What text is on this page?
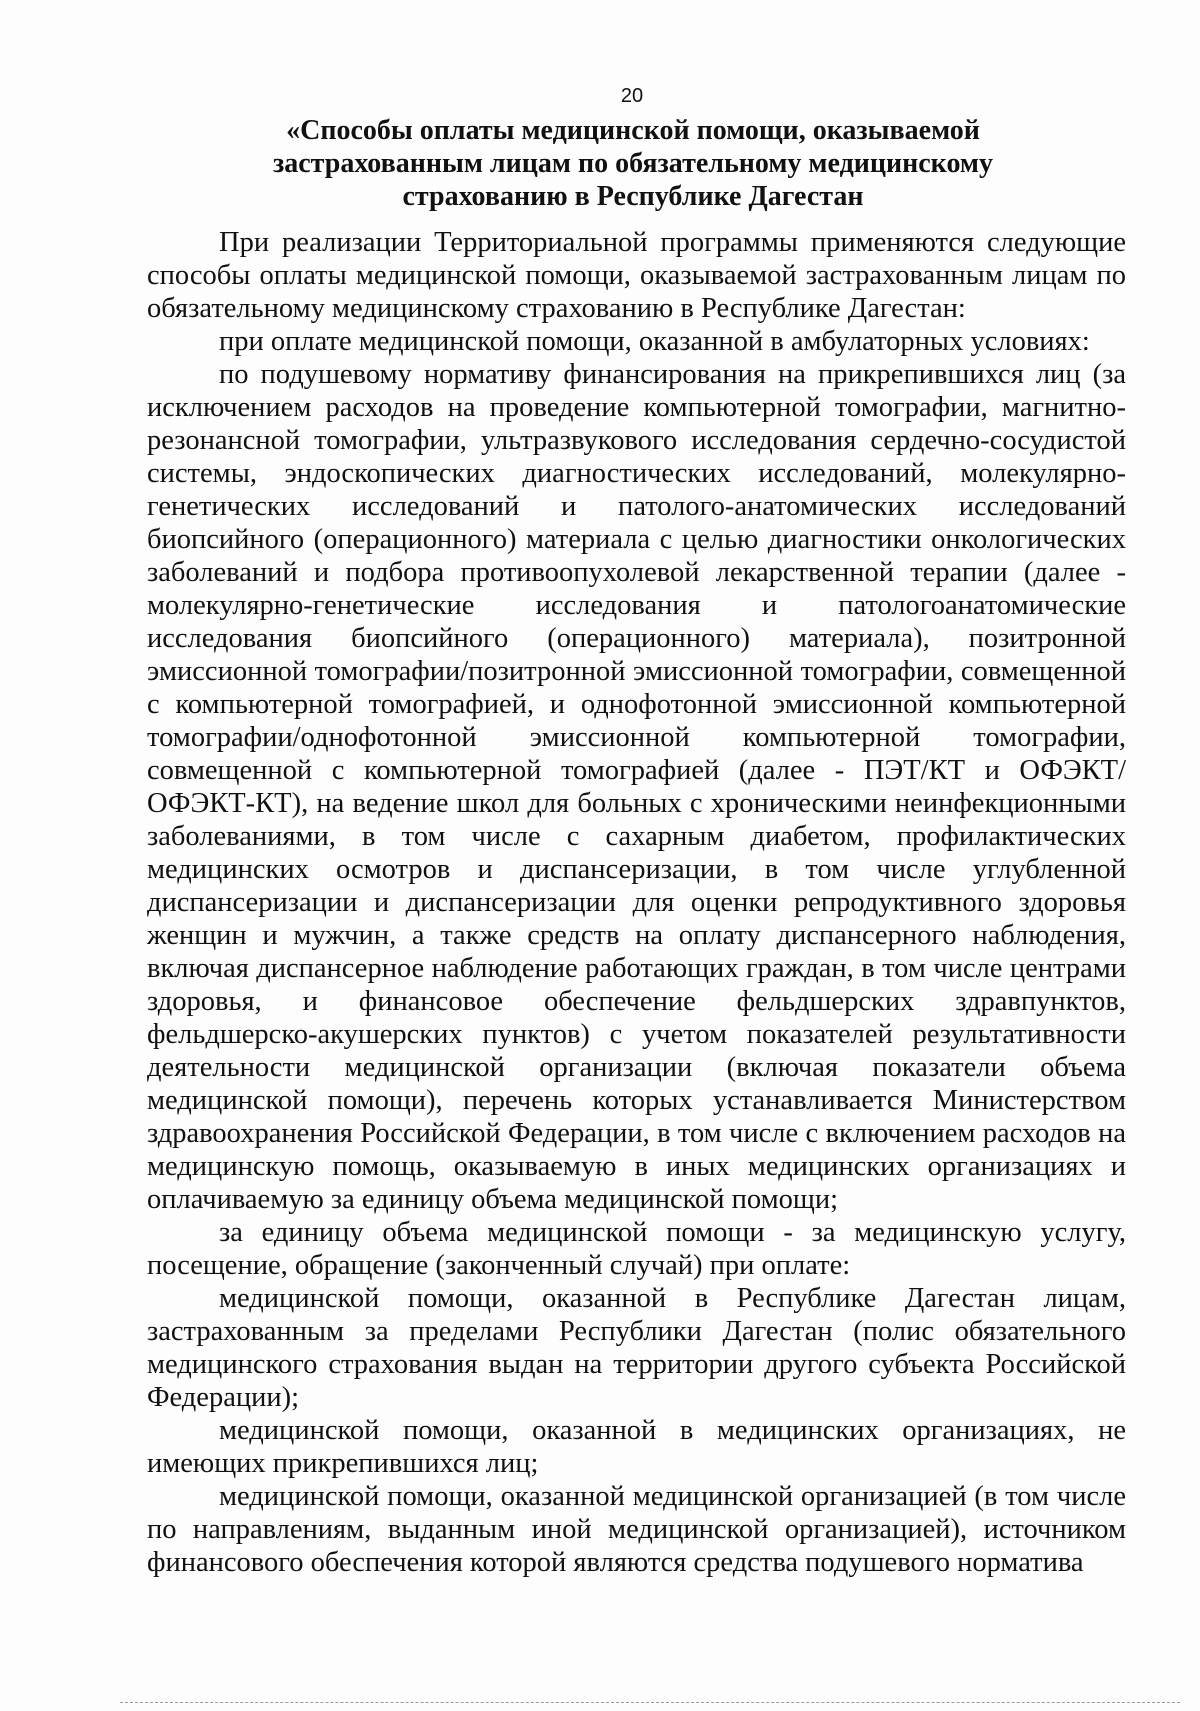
20
«Способы оплаты медицинской помощи, оказываемой
застрахованным лицам по обязательному медицинскому
страхованию в Республике Дагестан

При реализации Территориальной программы применяются следующие способы оплаты медицинской помощи, оказываемой застрахованным лицам по обязательному медицинскому страхованию в Республике Дагестан:

при оплате медицинской помощи, оказанной в амбулаторных условиях:

по подушевому нормативу финансирования на прикрепившихся лиц (за исключением расходов на проведение компьютерной томографии, магнитно-резонансной томографии, ультразвукового исследования сердечно-сосудистой системы, эндоскопических диагностических исследований, молекулярно-генетических исследований и патолого-анатомических исследований биопсийного (операционного) материала с целью диагностики онкологических заболеваний и подбора противоопухолевой лекарственной терапии (далее - молекулярно-генетические исследования и патологоанатомические исследования биопсийного (операционного) материала), позитронной эмиссионной томографии/позитронной эмиссионной томографии, совмещенной с компьютерной томографией, и однофотонной эмиссионной компьютерной томографии/однофотонной эмиссионной компьютерной томографии, совмещенной с компьютерной томографией (далее - ПЭТ/КТ и ОФЭКТ/ОФЭКТ-КТ), на ведение школ для больных с хроническими неинфекционными заболеваниями, в том числе с сахарным диабетом, профилактических медицинских осмотров и диспансеризации, в том числе углубленной диспансеризации и диспансеризации для оценки репродуктивного здоровья женщин и мужчин, а также средств на оплату диспансерного наблюдения, включая диспансерное наблюдение работающих граждан, в том числе центрами здоровья, и финансовое обеспечение фельдшерских здравпунктов, фельдшерско-акушерских пунктов) с учетом показателей результативности деятельности медицинской организации (включая показатели объема медицинской помощи), перечень которых устанавливается Министерством здравоохранения Российской Федерации, в том числе с включением расходов на медицинскую помощь, оказываемую в иных медицинских организациях и оплачиваемую за единицу объема медицинской помощи;

за единицу объема медицинской помощи - за медицинскую услугу, посещение, обращение (законченный случай) при оплате:

медицинской помощи, оказанной в Республике Дагестан лицам, застрахованным за пределами Республики Дагестан (полис обязательного медицинского страхования выдан на территории другого субъекта Российской Федерации);

медицинской помощи, оказанной в медицинских организациях, не имеющих прикрепившихся лиц;

медицинской помощи, оказанной медицинской организацией (в том числе по направлениям, выданным иной медицинской организацией), источником финансового обеспечения которой являются средства подушевого норматива
